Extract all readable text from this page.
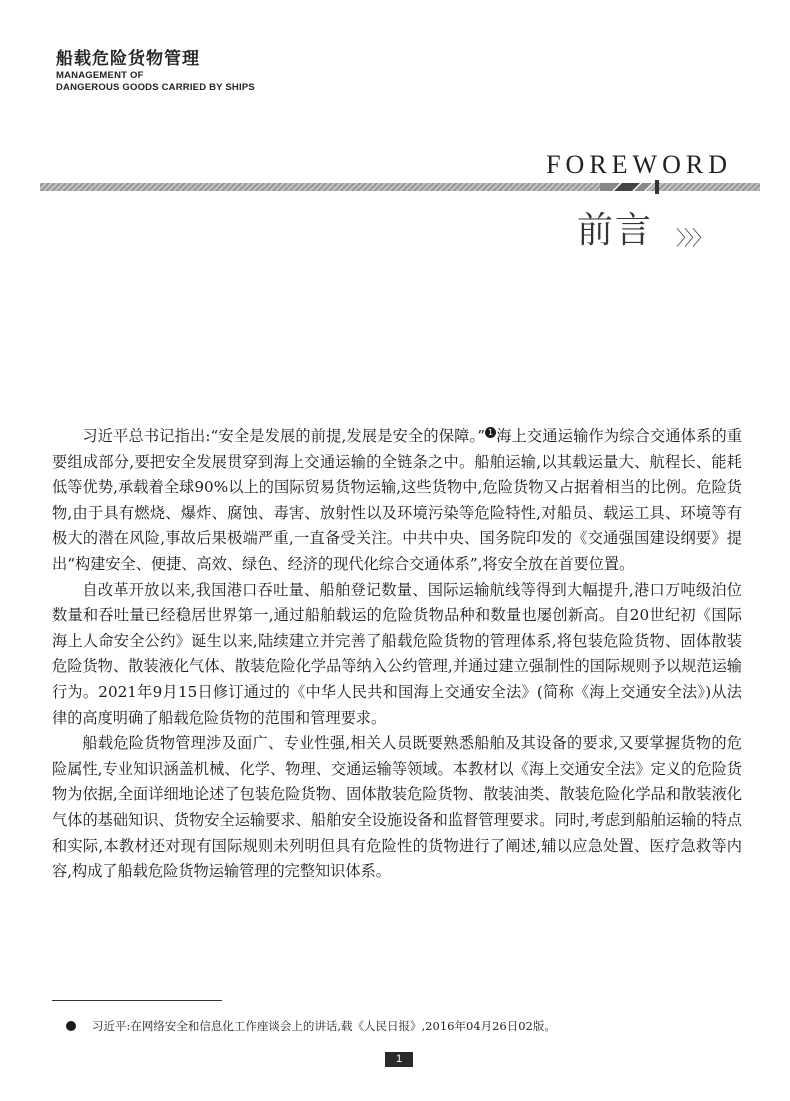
船载危险货物管理
MANAGEMENT OF
DANGEROUS GOODS CARRIED BY SHIPS
FOREWORD
前言 〉〉〉

习近平总书记指出:“安全是发展的前提,发展是安全的保障。” 1 海上交通运输作为综合交通体系的重要组成部分,要把安全发展贯穿到海上交通运输的全链条之中。船舶运输,以其载运量大、航程长、能耗低等优势,承载着全球90%以上的国际贸易货物运输,这些货物中,危险货物又占据着相当的比例。危险货物,由于具有燃烧、爆炸、腐蚀、毒害、放射性以及环境污染等危险特性,对船员、载运工具、环境等有极大的潜在风险,事故后果极端严重,一直备受关注。中共中央、国务院印发的《交通强国建设纲要》提出“构建安全、便捷、高效、绿色、经济的现代化综合交通体系”,将安全放在首要位置。

自改革开放以来,我国港口吞吐量、船舶登记数量、国际运输航线等得到大幅提升,港口万吨级泊位数量和吞吐量已经稳居世界第一,通过船舶载运的危险货物品种和数量也屡创新高。自20世纪初《国际海上人命安全公约》诞生以来,陆续建立并完善了船载危险货物的管理体系,将包装危险货物、固体散装危险货物、散装液化气体、散装危险化学品等纳入公约管理,并通过建立强制性的国际规则予以规范运输行为。2021年9月15日修订通过的《中华人民共和国海上交通安全法》(简称《海上交通安全法》)从法律的高度明确了船载危险货物的范围和管理要求。

船载危险货物管理涉及面广、专业性强,相关人员既要熟悉船舶及其设备的要求,又要掌握货物的危险属性,专业知识涵盖机械、化学、物理、交通运输等领域。本教材以《海上交通安全法》定义的危险货物为依据,全面详细地论述了包装危险货物、固体散装危险货物、散装油类、散装危险化学品和散装液化气体的基础知识、货物安全运输要求、船舶安全设施设备和监督管理要求。同时,考虑到船舶运输的特点和实际,本教材还对现有国际规则未列明但具有危险性的货物进行了阐述,辅以应急处置、医疗急救等内容,构成了船载危险货物运输管理的完整知识体系。

习近平:在网络安全和信息化工作座谈会上的讲话,载《人民日报》,2016年04月26日02版。
1
